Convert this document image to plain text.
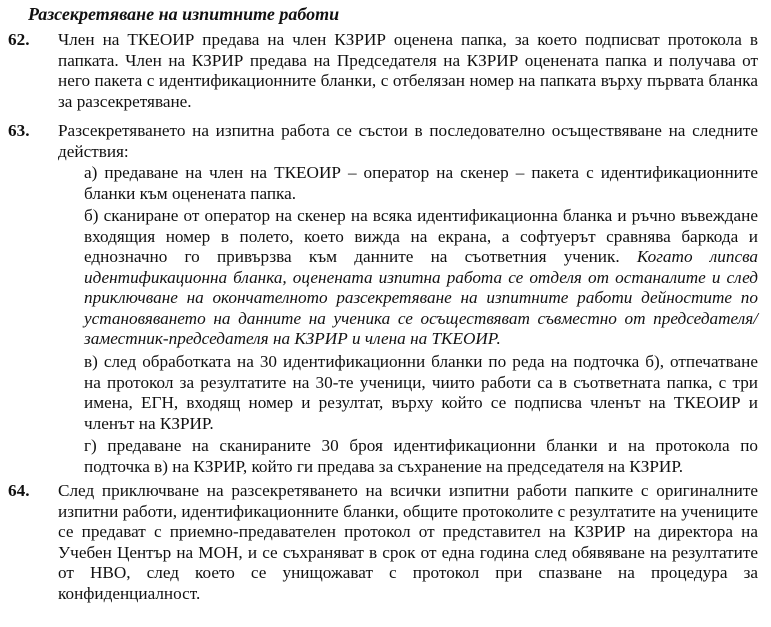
Разсекретяване на изпитните работи
62.	Член на ТКЕОИР предава на член КЗРИР оценена папка, за което подписват протокола в папката. Член на КЗРИР предава на Председателя на КЗРИР оценената папка и получава от него пакета с идентификационните бланки, с отбелязан номер на папката върху първата бланка за разсекретяване.
63.	Разсекретяването на изпитна работа се състои в последователно осъществяване на следните действия:
а) предаване на член на ТКЕОИР – оператор на скенер – пакета с идентификационните бланки към оценената папка.
б) сканиране от оператор на скенер на всяка идентификационна бланка и ръчно въвеждане входящия номер в полето, което вижда на екрана, а софтуерът сравнява баркода и еднозначно го привързва към данните на съответния ученик. Когато липсва идентификационна бланка, оценената изпитна работа се отделя от останалите и след приключване на окончателното разсекретяване на изпитните работи дейностите по установяването на данните на ученика се осъществяват съвместно от председателя/заместник-председателя на КЗРИР и члена на ТКЕОИР.
в) след обработката на 30 идентификационни бланки по реда на подточка б), отпечатване на протокол за резултатите на 30-те ученици, чиито работи са в съответната папка, с три имена, ЕГН, входящ номер и резултат, върху който се подписва членът на ТКЕОИР и членът на КЗРИР.
г) предаване на сканираните 30 броя идентификационни бланки и на протокола по подточка в) на КЗРИР, който ги предава за съхранение на председателя на КЗРИР.
64.	След приключване на разсекретяването на всички изпитни работи папките с оригиналните изпитни работи, идентификационните бланки, общите протоколите с резултатите на учениците се предават с приемно-предавателен протокол от представител на КЗРИР на директора на Учебен Център на МОН, и се съхраняват в срок от една година след обявяване на резултатите от НВО, след което се унищожават с протокол при спазване на процедура за конфиденциалност.
